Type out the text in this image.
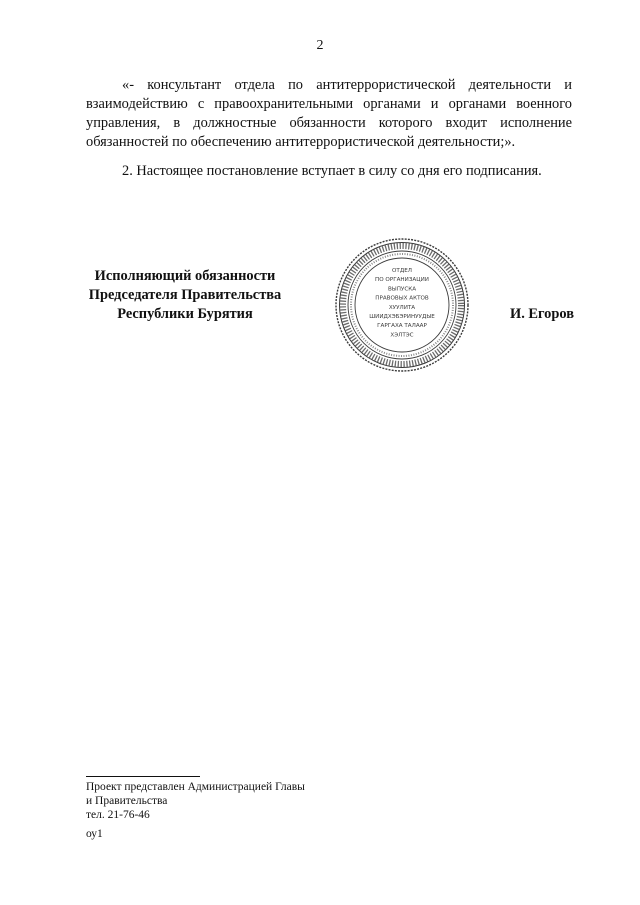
2

«- консультант отдела по антитеррористической деятельности и взаимодействию с правоохранительными органами и органами военного управления, в должностные обязанности которого входит исполнение обязанностей по обеспечению антитеррористической деятельности;».

2. Настоящее постановление вступает в силу со дня его подписания.

Исполняющий обязанности
Председателя Правительства
Республики Бурятия
ОТДЕЛ
ПО ОРГАНИЗАЦИИ
ВЫПУСКА
ПРАВОВЫХ АКТОВ
ХУУЛИТА
ШИИДХЭБЭРИНУУДЫЕ
ГАРГАХА ТАЛААР
ХЭЛТЭС
И. Егоров
Проект представлен Администрацией Главы
и Правительства
тел. 21-76-46
оу1
